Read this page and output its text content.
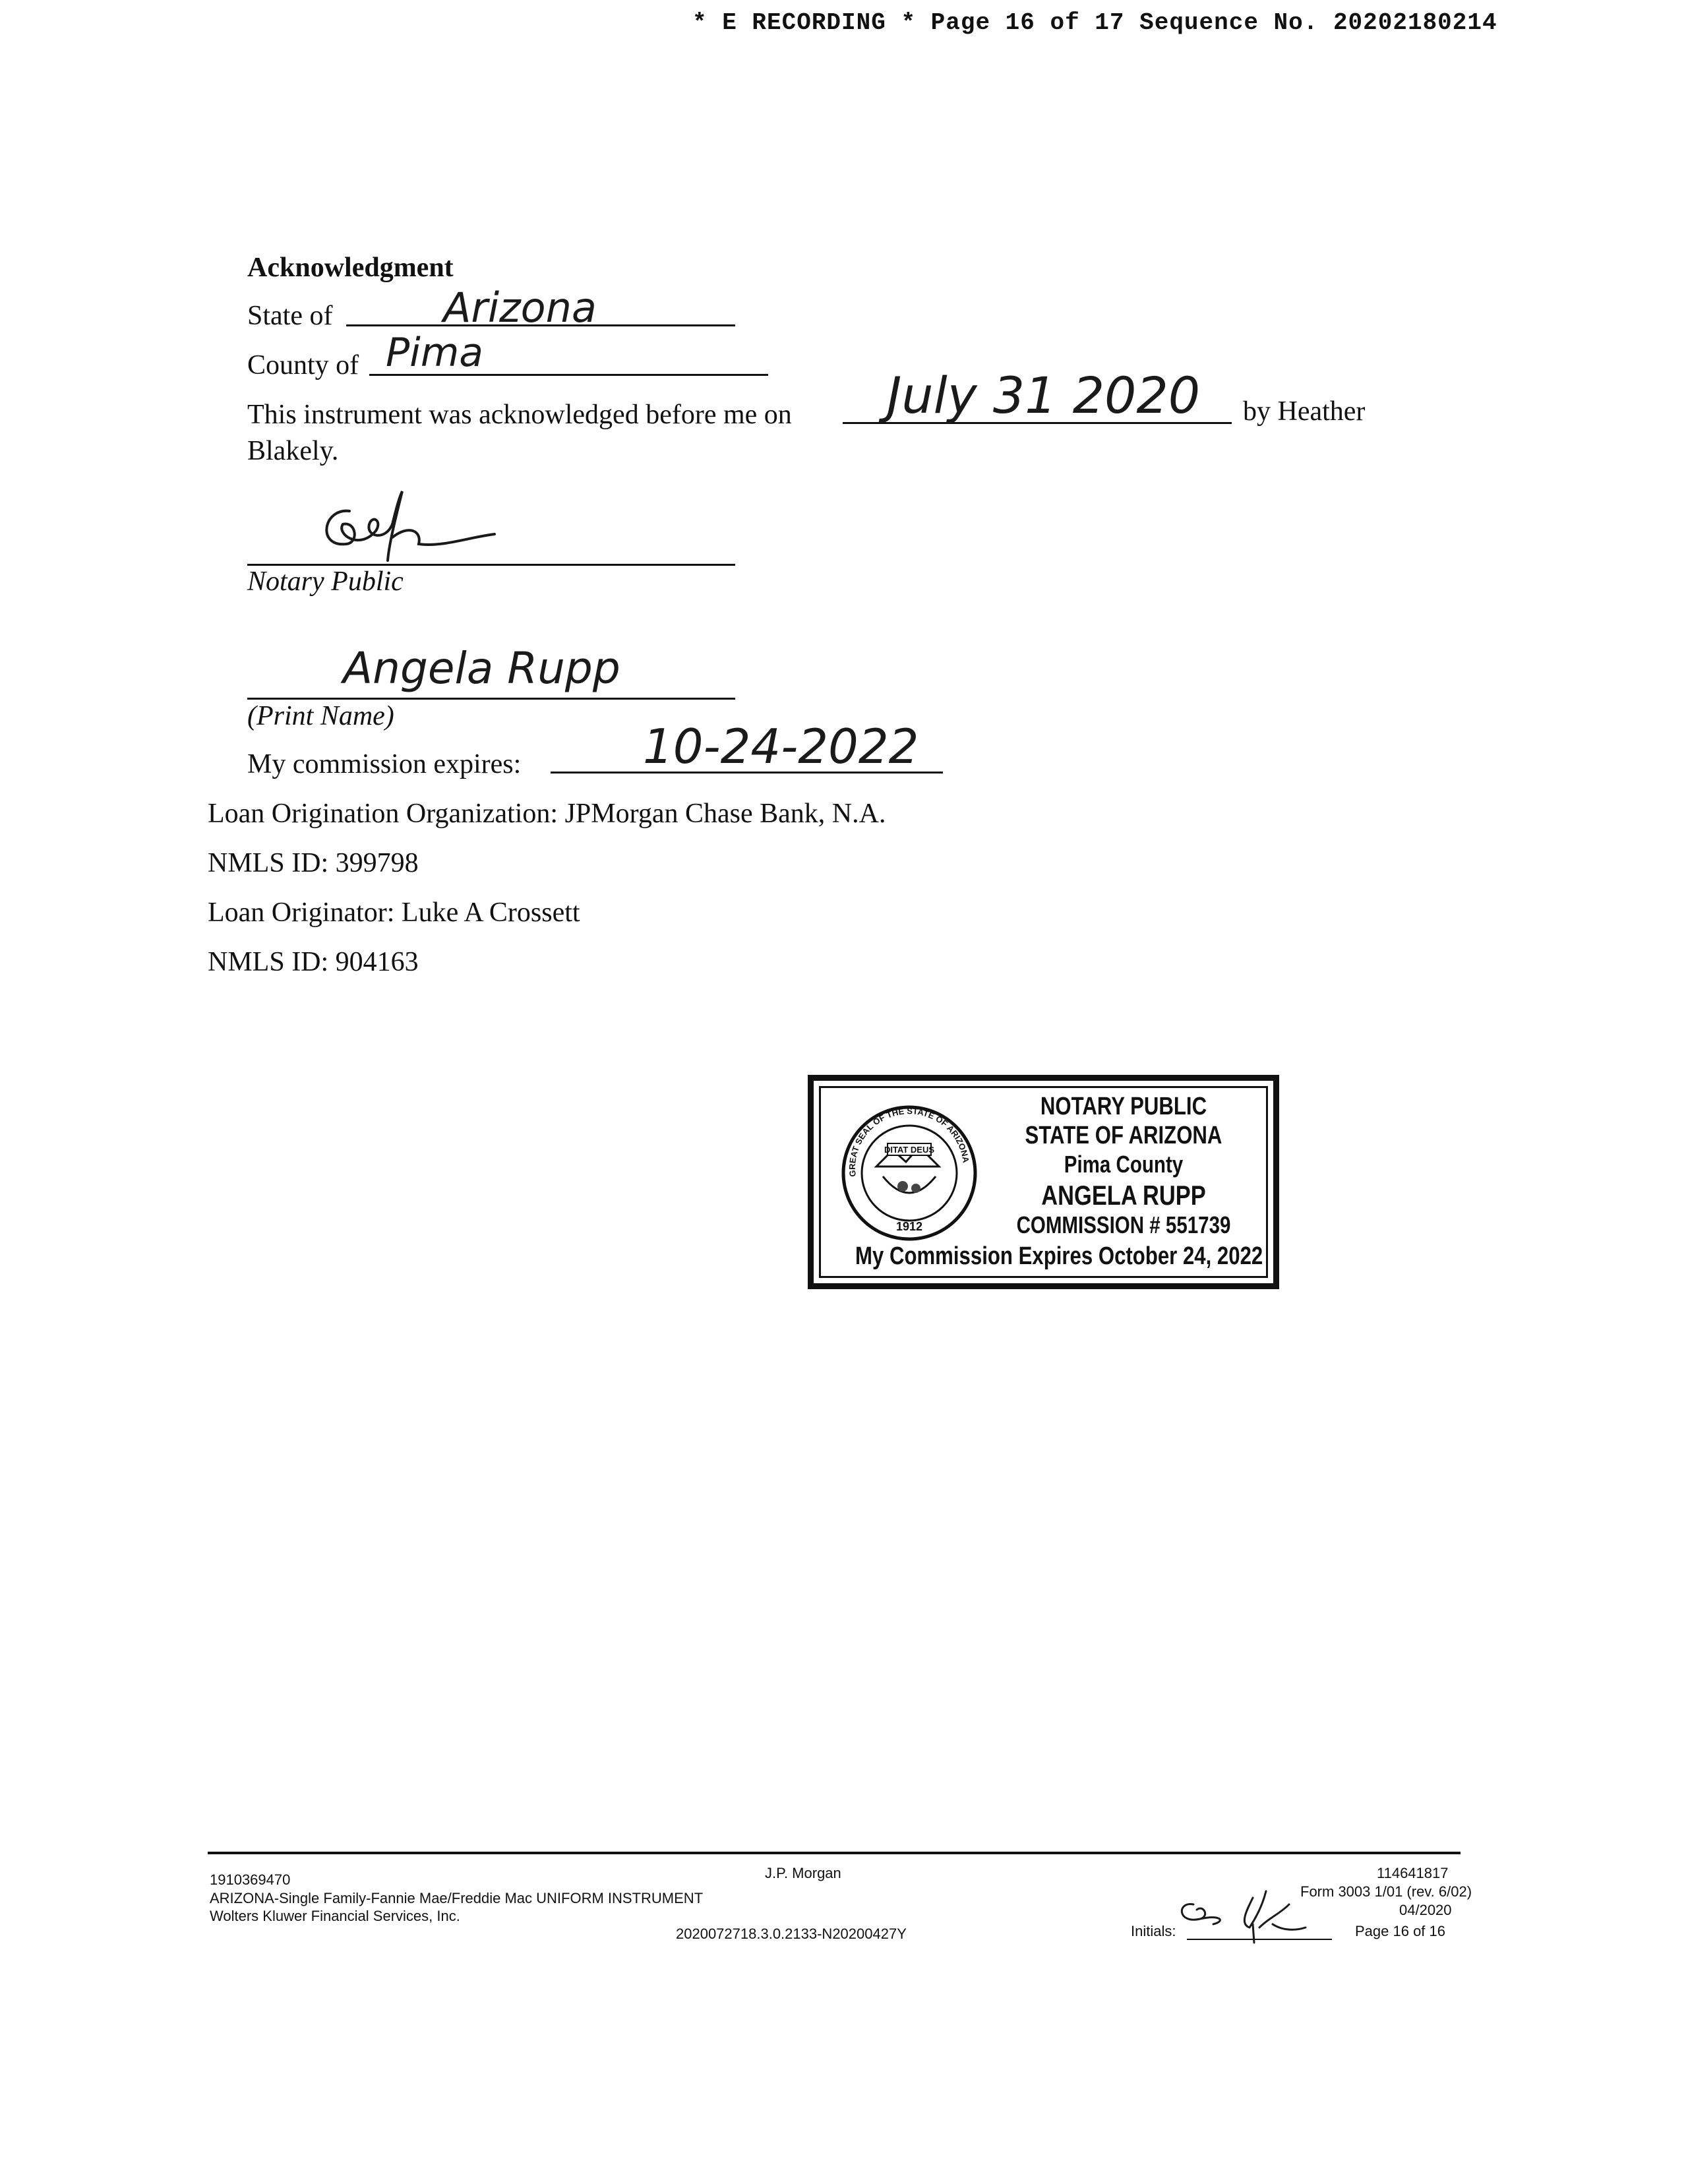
* E RECORDING * Page 16 of 17 Sequence No. 20202180214
Acknowledgment
State of	Arizona
County of Pima
This instrument was acknowledged before me on July 31 2020 by Heather
Blakely.
Notary Public
Angela Rupp
(Print Name)
My commission expires:	10-24-2022
Loan Origination Organization: JPMorgan Chase Bank, N.A.
NMLS ID: 399798
Loan Originator: Luke A Crossett
NMLS ID: 904163
DITAT DEUS
1912
GREAT SEAL OF THE STATE OF ARIZONA
NOTARY PUBLIC
STATE OF ARIZONA
Pima County
ANGELA RUPP
COMMISSION # 551739
My Commission Expires October 24, 2022
1910369470
ARIZONA-Single Family-Fannie Mae/Freddie Mac UNIFORM INSTRUMENT
Wolters Kluwer Financial Services, Inc.
J.P. Morgan
2020072718.3.0.2133-N20200427Y
114641817
Form 3003 1/01 (rev. 6/02)
04/2020
Initials:	Page 16 of 16
